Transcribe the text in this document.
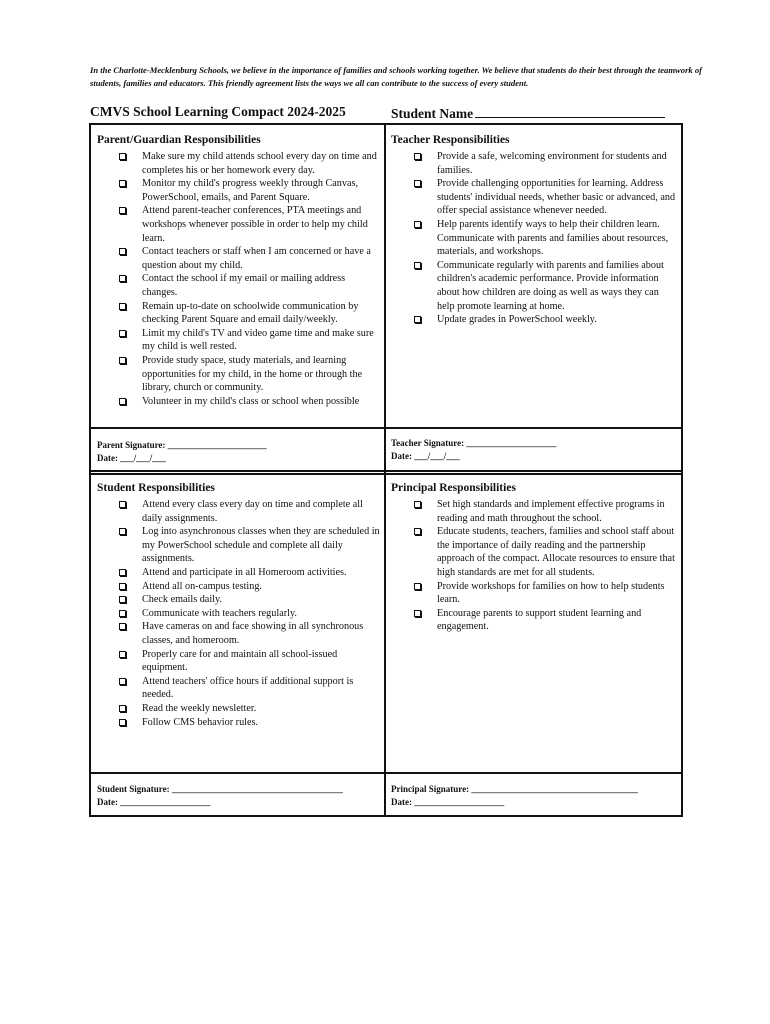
In the Charlotte-Mecklenburg Schools, we believe in the importance of families and schools working together. We believe that students do their best through the teamwork of students, families and educators. This friendly agreement lists the ways we all can contribute to the success of every student.
CMVS School Learning Compact 2024-2025	Student Name
Parent/Guardian Responsibilities
Make sure my child attends school every day on time and completes his or her homework every day.
Monitor my child's progress weekly through Canvas, PowerSchool, emails, and Parent Square.
Attend parent-teacher conferences, PTA meetings and workshops whenever possible in order to help my child learn.
Contact teachers or staff when I am concerned or have a question about my child.
Contact the school if my email or mailing address changes.
Remain up-to-date on schoolwide communication by checking Parent Square and email daily/weekly.
Limit my child's TV and video game time and make sure my child is well rested.
Provide study space, study materials, and learning opportunities for my child, in the home or through the library, church or community.
Volunteer in my child's class or school when possible
Teacher Responsibilities
Provide a safe, welcoming environment for students and families.
Provide challenging opportunities for learning. Address students' individual needs, whether basic or advanced, and offer special assistance whenever needed.
Help parents identify ways to help their children learn. Communicate with parents and families about resources, materials, and workshops.
Communicate regularly with parents and families about children's academic performance. Provide information about how children are doing as well as ways they can help promote learning at home.
Update grades in PowerSchool weekly.
Parent Signature: ______________________
Date: ___/___/___
Teacher Signature: ____________________
Date: ___/___/___
Student Responsibilities
Attend every class every day on time and complete all daily assignments.
Log into asynchronous classes when they are scheduled in my PowerSchool schedule and complete all daily assignments.
Attend and participate in all Homeroom activities.
Attend all on-campus testing.
Check emails daily.
Communicate with teachers regularly.
Have cameras on and face showing in all synchronous classes, and homeroom.
Properly care for and maintain all school-issued equipment.
Attend teachers' office hours if additional support is needed.
Read the weekly newsletter.
Follow CMS behavior rules.
Principal Responsibilities
Set high standards and implement effective programs in reading and math throughout the school.
Educate students, teachers, families and school staff about the importance of daily reading and the partnership approach of the compact. Allocate resources to ensure that high standards are met for all students.
Provide workshops for families on how to help students learn.
Encourage parents to support student learning and engagement.
Student Signature: ______________________________________
Date: ____________________
Principal Signature: _____________________________________
Date: ____________________
